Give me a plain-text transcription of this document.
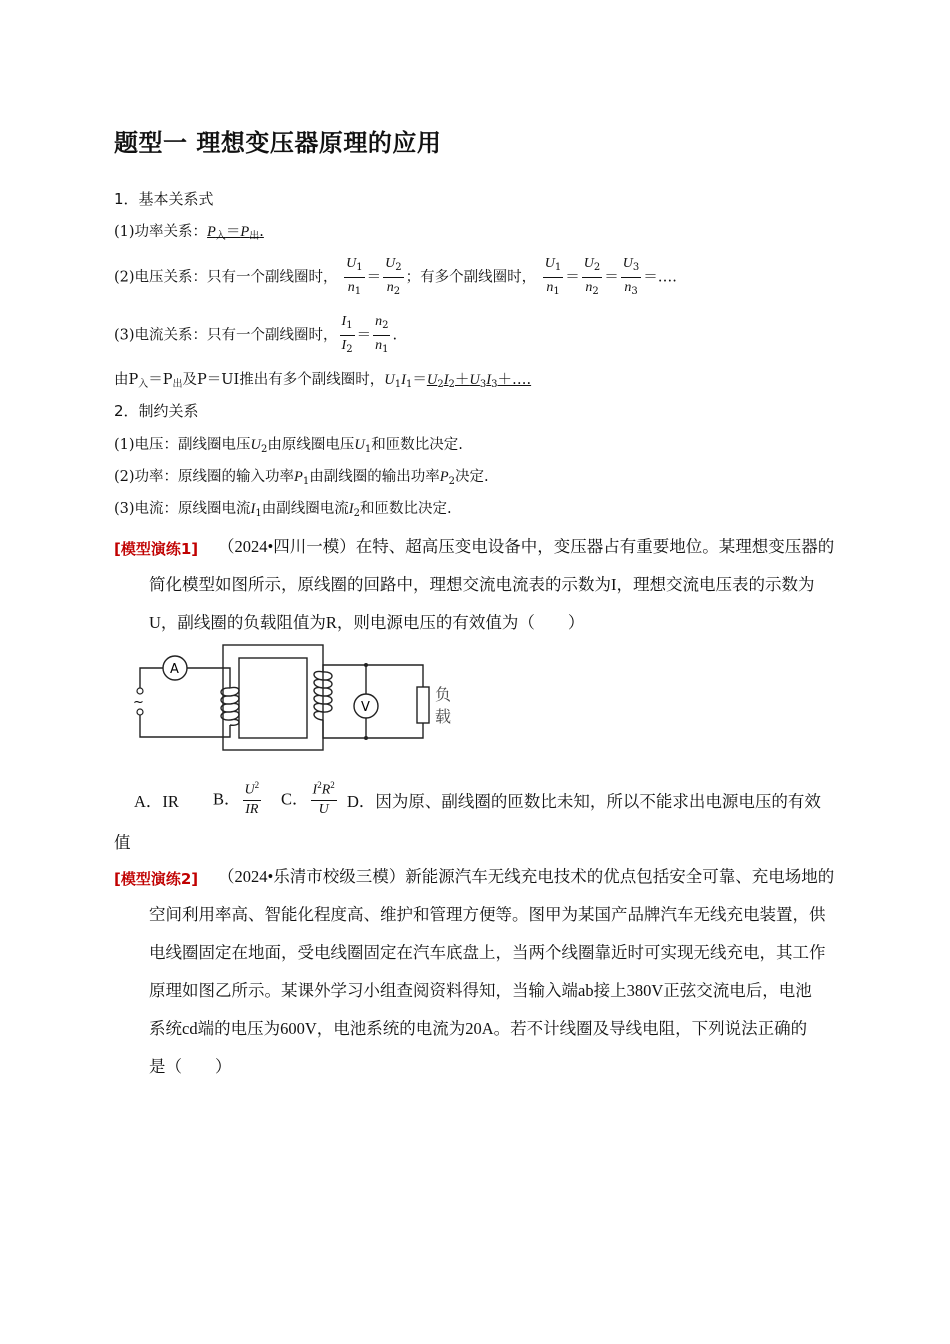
题型一 理想变压器原理的应用
1．基本关系式
(1)功率关系：$P_入=P_出$.
(2)电压关系：只有一个副线圈时， $\frac{U_1}{n_1} = \frac{U_2}{n_2}$ ；有多个副线圈时， $\frac{U_1}{n_1} = \frac{U_2}{n_2} = \frac{U_3}{n_3}$ ＝….
(3)电流关系：只有一个副线圈时， $\frac{I_1}{I_2} = \frac{n_2}{n_1}$ .
由$P_入=P_出$及P＝UI推出有多个副线圈时，$U_1I_1=U_2I_2+U_3I_3+\dots$.
2．制约关系
(1)电压：副线圈电压$U_2$由原线圈电压$U_1$和匝数比决定.
(2)功率：原线圈的输入功率$P_1$由副线圈的输出功率$P_2$决定.
(3)电流：原线圈电流$I_1$由副线圈电流$I_2$和匝数比决定.
[模型演练1] （2024•四川一模）在特、超高压变电设备中，变压器占有重要地位。某理想变压器的
简化模型如图所示，原线圈的回路中，理想交流电流表的示数为I，理想交流电压表的示数为
U，副线圈的负载阻值为R，则电源电压的有效值为（　　）
~
A
V
负
载
A．IR B． $\frac{U^2}{IR}$ C． $\frac{I^2R^2}{U}$ D．因为原、副线圈的匝数比未知，所以不能求出电源电压的有效
值
[模型演练2] （2024•乐清市校级三模）新能源汽车无线充电技术的优点包括安全可靠、充电场地的
空间利用率高、智能化程度高、维护和管理方便等。图甲为某国产品牌汽车无线充电装置，供
电线圈固定在地面，受电线圈固定在汽车底盘上，当两个线圈靠近时可实现无线充电，其工作
原理如图乙所示。某课外学习小组查阅资料得知，当输入端ab接上380V正弦交流电后，电池
系统cd端的电压为600V，电池系统的电流为20A。若不计线圈及导线电阻，下列说法正确的
是（　　）
